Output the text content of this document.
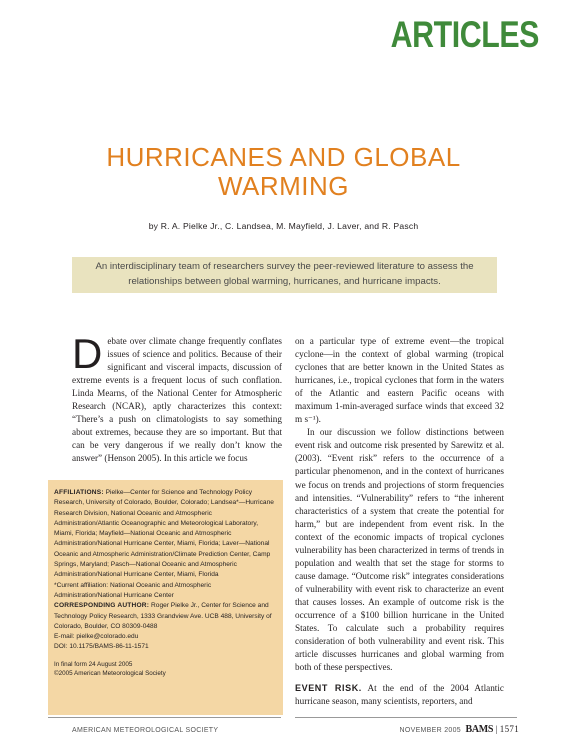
ARTICLES
HURRICANES AND GLOBAL
WARMING
by R. A. Pielke Jr., C. Landsea, M. Mayfield, J. Laver, and R. Pasch
An interdisciplinary team of researchers survey the peer-reviewed literature to assess the relationships between global warming, hurricanes, and hurricane impacts.

Debate over climate change frequently conflates issues of science and politics. Because of their significant and visceral impacts, discussion of extreme events is a frequent locus of such conflation. Linda Mearns, of the National Center for Atmospheric Research (NCAR), aptly characterizes this context: “There’s a push on climatologists to say something about extremes, because they are so important. But that can be very dangerous if we really don’t know the answer” (Henson 2005). In this article we focus

on a particular type of extreme event—the tropical cyclone—in the context of global warming (tropical cyclones that are better known in the United States as hurricanes, i.e., tropical cyclones that form in the waters of the Atlantic and eastern Pacific oceans with maximum 1-min-averaged surface winds that exceed 32 m s⁻¹).

In our discussion we follow distinctions between event risk and outcome risk presented by Sarewitz et al. (2003). “Event risk” refers to the occurrence of a particular phenomenon, and in the context of hurricanes we focus on trends and projections of storm frequencies and intensities. “Vulnerability” refers to “the inherent characteristics of a system that create the potential for harm,” but are independent from event risk. In the context of the economic impacts of tropical cyclones vulnerability has been characterized in terms of trends in population and wealth that set the stage for storms to cause damage. “Outcome risk” integrates considerations of vulnerability with event risk to characterize an event that causes losses. An example of outcome risk is the occurrence of a $100 billion hurricane in the United States. To calculate such a probability requires consideration of both vulnerability and event risk. This article discusses hurricanes and global warming from both of these perspectives.

EVENT RISK. At the end of the 2004 Atlantic hurricane season, many scientists, reporters, and

AFFILIATIONS: Pielke—Center for Science and Technology Policy Research, University of Colorado, Boulder, Colorado; Landsea*—Hurricane Research Division, National Oceanic and Atmospheric Administration/Atlantic Oceanographic and Meteorological Laboratory, Miami, Florida; Mayfield—National Oceanic and Atmospheric Administration/National Hurricane Center, Miami, Florida; Laver—National Oceanic and Atmospheric Administration/Climate Prediction Center, Camp Springs, Maryland; Pasch—National Oceanic and Atmospheric Administration/National Hurricane Center, Miami, Florida

*Current affiliation: National Oceanic and Atmospheric Administration/National Hurricane Center

CORRESPONDING AUTHOR: Roger Pielke Jr., Center for Science and Technology Policy Research, 1333 Grandview Ave. UCB 488, University of Colorado, Boulder, CO 80309-0488

E-mail: pielke@colorado.edu

DOI: 10.1175/BAMS-86-11-1571

In final form 24 August 2005
©2005 American Meteorological Society
AMERICAN METEOROLOGICAL SOCIETY	NOVEMBER 2005 BAMS | 1571
